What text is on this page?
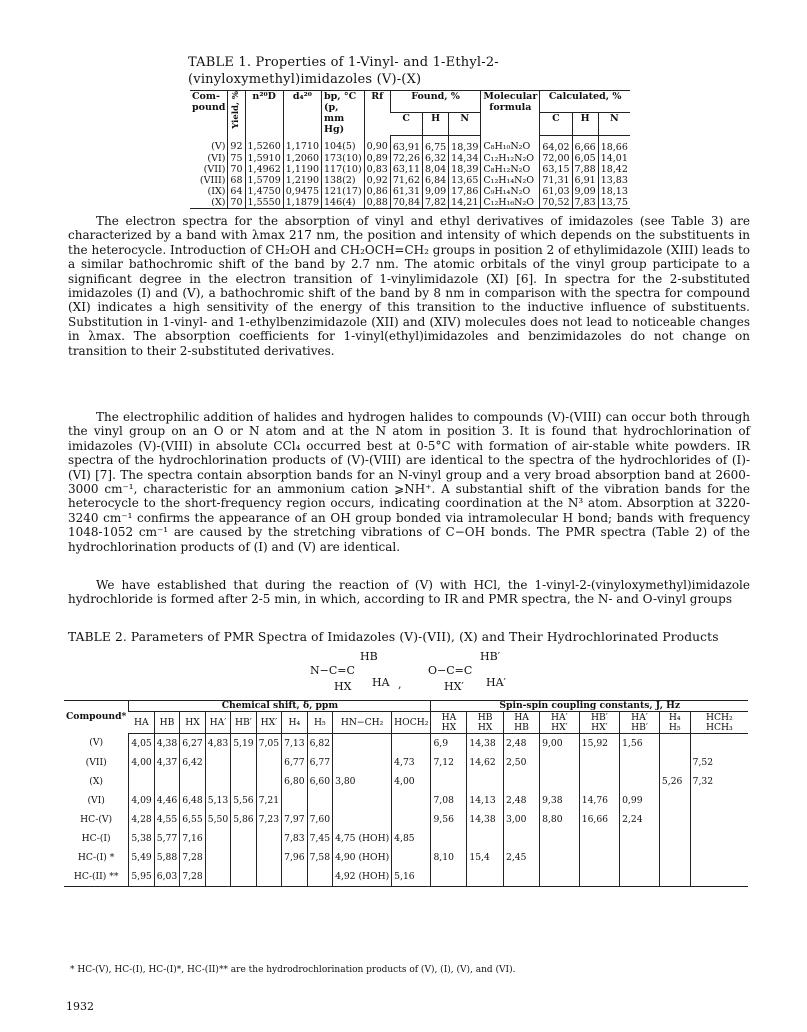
TABLE 1. Properties of 1-Vinyl- and 1-Ethyl-2-(vinyloxymethyl)imidazoles (V)-(X)
Com-pound	Yield, %	n²⁰D	d₄²⁰	bp, °C (p, mm Hg)	Rf	Found, %			Molecular formula	Calculated, %		
						C	H	N		C	H	N
(V)	92	1,5260	1,1710	104(5)	0,90	63,91	6,75	18,39	C₈H₁₀N₂O	64,02	6,66	18,66
(VI)	75	1,5910	1,2060	173(10)	0,89	72,26	6,32	14,34	C₁₂H₁₂N₂O	72,00	6,05	14,01
(VII)	70	1,4962	1,1190	117(10)	0,83	63,11	8,04	18,39	C₈H₁₂N₂O	63,15	7,88	18,42
(VIII)	68	1,5709	1,2190	138(2)	0,92	71,62	6,84	13,65	C₁₂H₁₄N₂O	71,31	6,91	13,83
(IX)	64	1,4750	0,9475	121(17)	0,86	61,31	9,09	17,86	C₉H₁₄N₂O	61,03	9,09	18,13
(X)	70	1,5550	1,1879	146(4)	0,88	70,84	7,82	14,21	C₁₂H₁₆N₂O	70,52	7,83	13,75

The electron spectra for the absorption of vinyl and ethyl derivatives of imidazoles (see Table 3) are characterized by a band with λmax 217 nm, the position and intensity of which depends on the substituents in the heterocycle. Introduction of CH₂OH and CH₂OCH=CH₂ groups in position 2 of ethylimidazole (XIII) leads to a similar bathochromic shift of the band by 2.7 nm. The atomic orbitals of the vinyl group participate to a significant degree in the electron transition of 1-vinylimidazole (XI) [6]. In spectra for the 2-substituted imidazoles (I) and (V), a bathochromic shift of the band by 8 nm in comparison with the spectra for compound (XI) indicates a high sensitivity of the energy of this transition to the inductive influence of substituents. Substitution in 1-vinyl- and 1-ethylbenzimidazole (XII) and (XIV) molecules does not lead to noticeable changes in λmax. The absorption coefficients for 1-vinyl(ethyl)imidazoles and benzimidazoles do not change on transition to their 2-substituted derivatives.

The electrophilic addition of halides and hydrogen halides to compounds (V)-(VIII) can occur both through the vinyl group on an O or N atom and at the N atom in position 3. It is found that hydrochlorination of imidazoles (V)-(VIII) in absolute CCl₄ occurred best at 0-5°C with formation of air-stable white powders. IR spectra of the hydrochlorination products of (V)-(VIII) are identical to the spectra of the hydrochlorides of (I)-(VI) [7]. The spectra contain absorption bands for an N-vinyl group and a very broad absorption band at 2600-3000 cm⁻¹, characteristic for an ammonium cation ⩾NH⁺. A substantial shift of the vibration bands for the heterocycle to the short-frequency region occurs, indicating coordination at the N³ atom. Absorption at 3220-3240 cm⁻¹ confirms the appearance of an OH group bonded via intramolecular H bond; bands with frequency 1048-1052 cm⁻¹ are caused by the stretching vibrations of C−OH bonds. The PMR spectra (Table 2) of the hydrochlorination products of (I) and (V) are identical.

We have established that during the reaction of (V) with HCl, the 1-vinyl-2-(vinyloxymethyl)imidazole hydrochloride is formed after 2-5 min, in which, according to IR and PMR spectra, the N- and O-vinyl groups

TABLE 2. Parameters of PMR Spectra of Imidazoles (V)-(VII), (X) and Their Hydrochlorinated Products
N−C=C
HB
HA
HX	,
O−C=C
HB′
HA′
HX′
Compound*	Chemical shift, δ, ppm										Spin-spin coupling constants, J, Hz							
	HA	HB	HX	HA′	HB′	HX′	H₄	H₅	HN−CH₂	HOCH₂	HA HX	HB HX	HA HB	HA′ HX′	HB′ HX′	HA′ HB′	H₄ H₅	HCH₂ HCH₃
(V)	4,05	4,38	6,27	4,83	5,19	7,05	7,13	6,82			6,9	14,38	2,48	9,00	15,92	1,56		
(VII)	4,00	4,37	6,42				6,77	6,77		4,73	7,12	14,62	2,50					7,52
(X)							6,80	6,60	3,80	4,00							5,26	7,32
(VI)	4,09	4,46	6,48	5,13	5,56	7,21					7,08	14,13	2,48	9,38	14,76	0,99		
HC-(V)	4,28	4,55	6,55	5,50	5,86	7,23	7,97	7,60			9,56	14,38	3,00	8,80	16,66	2,24		
HC-(I)	5,38	5,77	7,16				7,83	7,45	4,75 (HOH)	4,85								
HC-(I) *	5,49	5,88	7,28				7,96	7,58	4,90 (HOH)		8,10	15,4	2,45					
HC-(II) **	5,95	6,03	7,28						4,92 (HOH)	5,16								
* HC-(V), HC-(I), HC-(I)*, HC-(II)** are the hydrodrochlorination products of (V), (I), (V), and (VI).
1932
